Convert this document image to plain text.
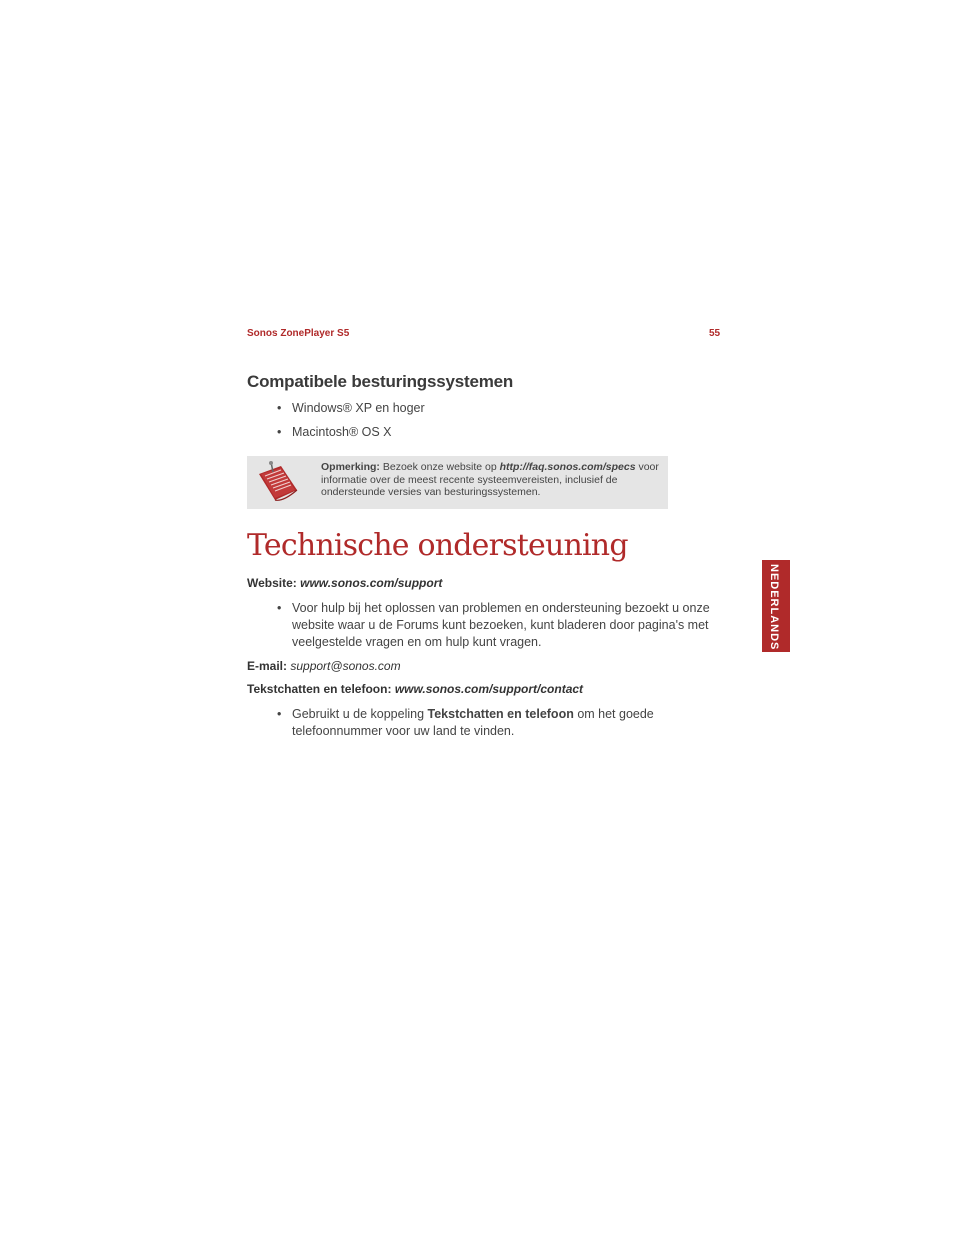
Sonos ZonePlayer S5	55
Compatibele besturingssystemen
• Windows® XP en hoger
• Macintosh® OS X
Opmerking: Bezoek onze website op http://faq.sonos.com/specs voor informatie over de meest recente systeemvereisten, inclusief de ondersteunde versies van besturingssystemen.
Technische ondersteuning
Website: www.sonos.com/support
• Voor hulp bij het oplossen van problemen en ondersteuning bezoekt u onze website waar u de Forums kunt bezoeken, kunt bladeren door pagina's met veelgestelde vragen en om hulp kunt vragen.
E-mail: support@sonos.com
Tekstchatten en telefoon: www.sonos.com/support/contact
• Gebruikt u de koppeling Tekstchatten en telefoon om het goede telefoonnummer voor uw land te vinden.
NEDERLANDS
